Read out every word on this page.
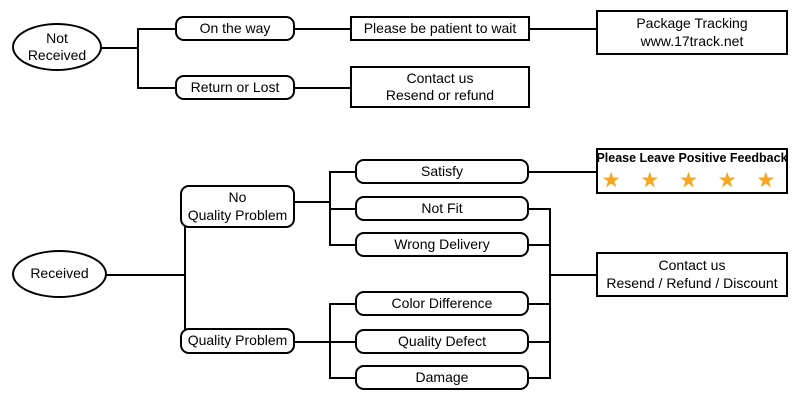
Not
Received
On the way
Return or Lost
Please be patient to wait	Package Tracking
www.17track.net
Contact us
Resend or refund
Received
No
Quality Problem
Quality Problem
Satisfy
Not Fit
Wrong Delivery
Color Difference
Quality Defect
Damage
Please Leave Positive Feedback
★ ★ ★ ★ ★
Contact us
Resend / Refund / Discount
